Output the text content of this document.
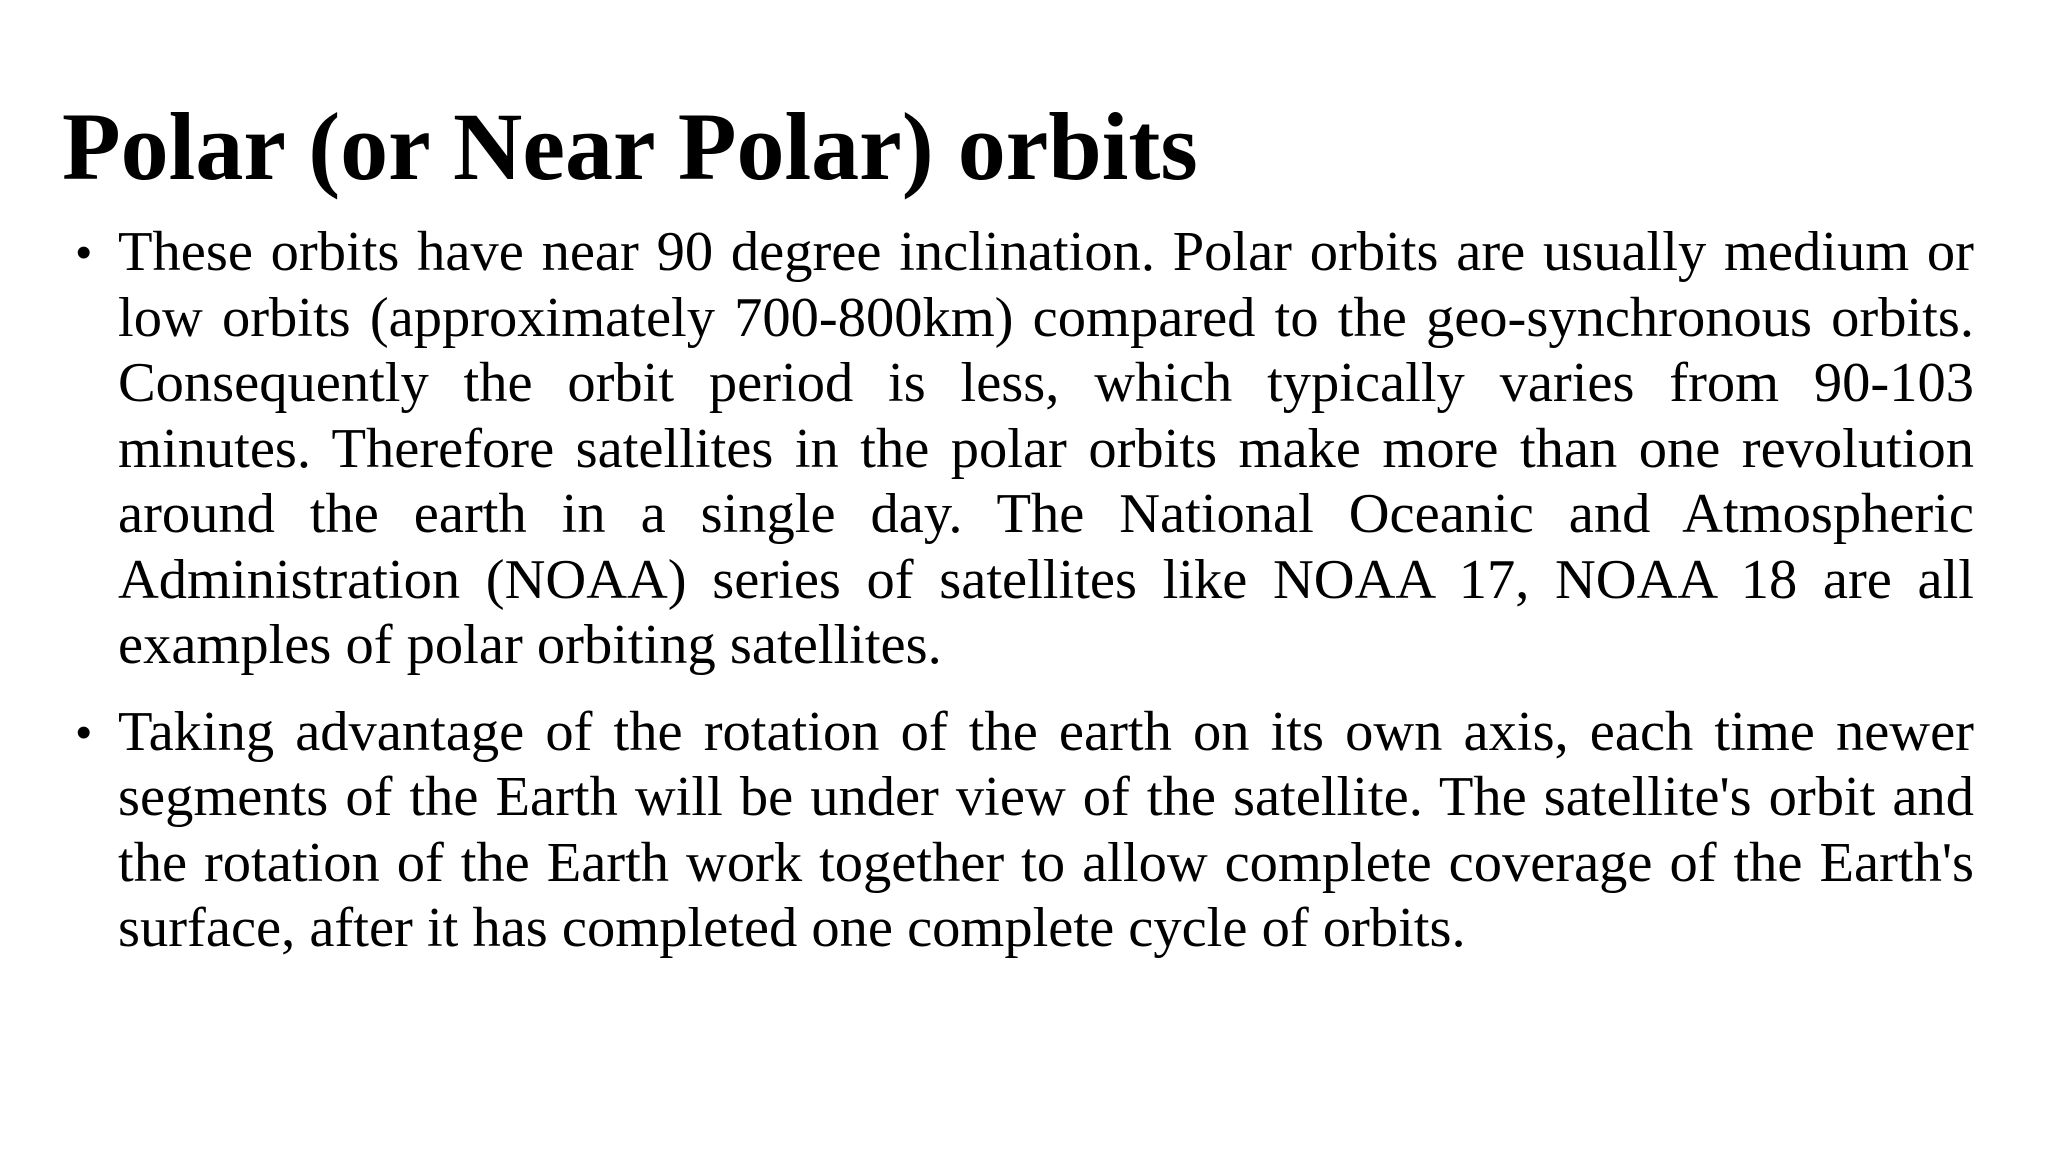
Polar (or Near Polar) orbits
• These orbits have near 90 degree inclination. Polar orbits are usually medium or low orbits (approximately 700-800km) compared to the geo-synchronous orbits. Consequently the orbit period is less, which typically varies from 90-103 minutes. Therefore satellites in the polar orbits make more than one revolution around the earth in a single day. The National Oceanic and Atmospheric Administration (NOAA) series of satellites like NOAA 17, NOAA 18 are all examples of polar orbiting satellites.
• Taking advantage of the rotation of the earth on its own axis, each time newer segments of the Earth will be under view of the satellite. The satellite's orbit and the rotation of the Earth work together to allow complete coverage of the Earth's surface, after it has completed one complete cycle of orbits.
